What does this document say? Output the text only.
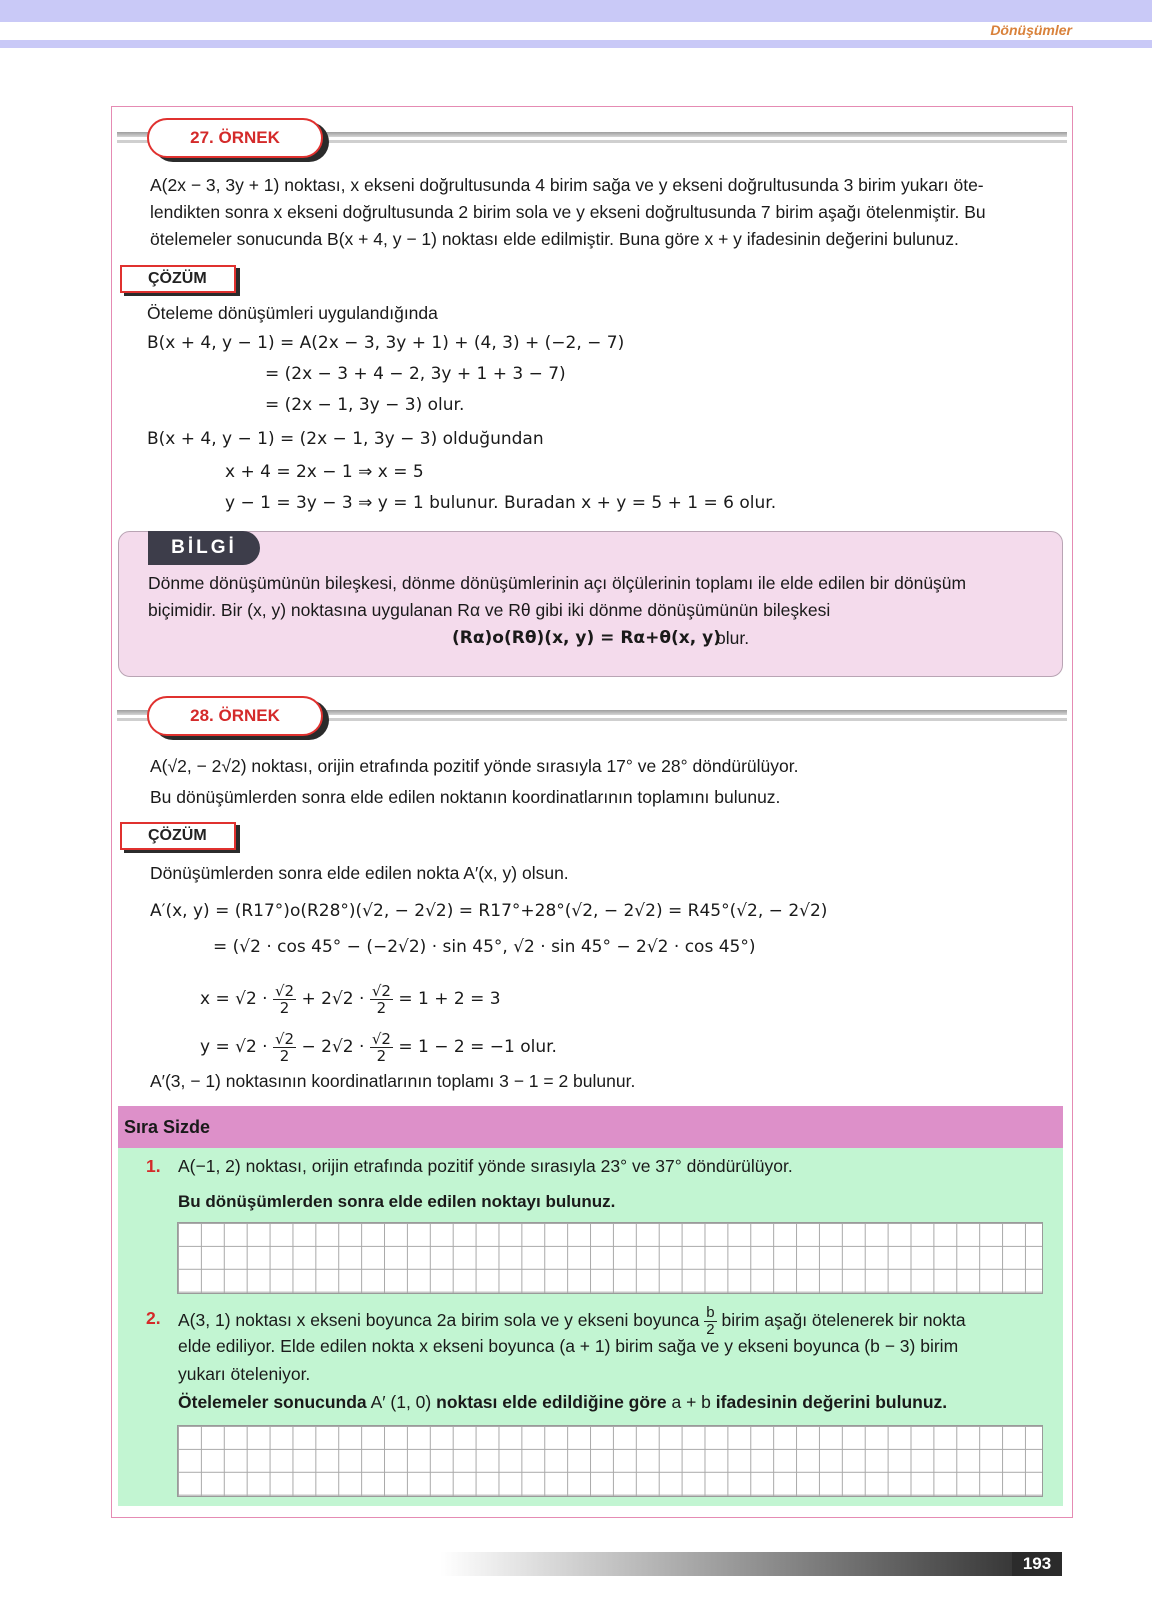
Dönüşümler
27. ÖRNEK
A(2x − 3, 3y + 1) noktası, x ekseni doğrultusunda 4 birim sağa ve y ekseni doğrultusunda 3 birim yukarı öte-
lendikten sonra x ekseni doğrultusunda 2 birim sola ve y ekseni doğrultusunda 7 birim aşağı ötelenmiştir. Bu
ötelemeler sonucunda B(x + 4, y − 1) noktası elde edilmiştir. Buna göre x + y ifadesinin değerini bulunuz.
ÇÖZÜM
Öteleme dönüşümleri uygulandığında
B(x + 4, y − 1) = A(2x − 3, 3y + 1) + (4, 3) + (−2, − 7)
= (2x − 3 + 4 − 2, 3y + 1 + 3 − 7)
= (2x − 1, 3y − 3) olur.
B(x + 4, y − 1) = (2x − 1, 3y − 3) olduğundan
x + 4 = 2x − 1 ⇒ x = 5
y − 1 = 3y − 3 ⇒ y = 1 bulunur. Buradan x + y = 5 + 1 = 6 olur.
BİLGİ
Dönme dönüşümünün bileşkesi, dönme dönüşümlerinin açı ölçülerinin toplamı ile elde edilen bir dönüşüm
biçimidir. Bir (x, y) noktasına uygulanan Rα ve Rθ gibi iki dönme dönüşümünün bileşkesi
(Rα)o(Rθ)(x, y) = Rα+θ(x, y)
olur.
28. ÖRNEK
A(√2, − 2√2) noktası, orijin etrafında pozitif yönde sırasıyla 17° ve 28° döndürülüyor.
Bu dönüşümlerden sonra elde edilen noktanın koordinatlarının toplamını bulunuz.
ÇÖZÜM
Dönüşümlerden sonra elde edilen nokta A′(x, y) olsun.
A′(x, y) = (R17°)o(R28°)(√2, − 2√2) = R17°+28°(√2, − 2√2) = R45°(√2, − 2√2)
= (√2 · cos 45° − (−2√2) · sin 45°, √2 · sin 45° − 2√2 · cos 45°)
$x = √2 \cdot \frac{√2}{2} + 2√2 \cdot \frac{√2}{2} = 1 + 2 = 3$
$y = √2 \cdot \frac{√2}{2} - 2√2 \cdot \frac{√2}{2} = 1 - 2 = -1$ olur.
A′(3, − 1) noktasının koordinatlarının toplamı 3 − 1 = 2 bulunur.
Sıra Sizde
1. A(−1, 2) noktası, orijin etrafında pozitif yönde sırasıyla 23° ve 37° döndürülüyor.
Bu dönüşümlerden sonra elde edilen noktayı bulunuz.
2. A(3, 1) noktası x ekseni boyunca 2a birim sola ve y ekseni boyunca $\frac{b}{2}$ birim aşağı ötelenerek bir nokta
elde ediliyor. Elde edilen nokta x ekseni boyunca (a + 1) birim sağa ve y ekseni boyunca (b − 3) birim
yukarı öteleniyor.
Ötelemeler sonucunda A′ (1, 0) noktası elde edildiğine göre a + b ifadesinin değerini bulunuz.
193
